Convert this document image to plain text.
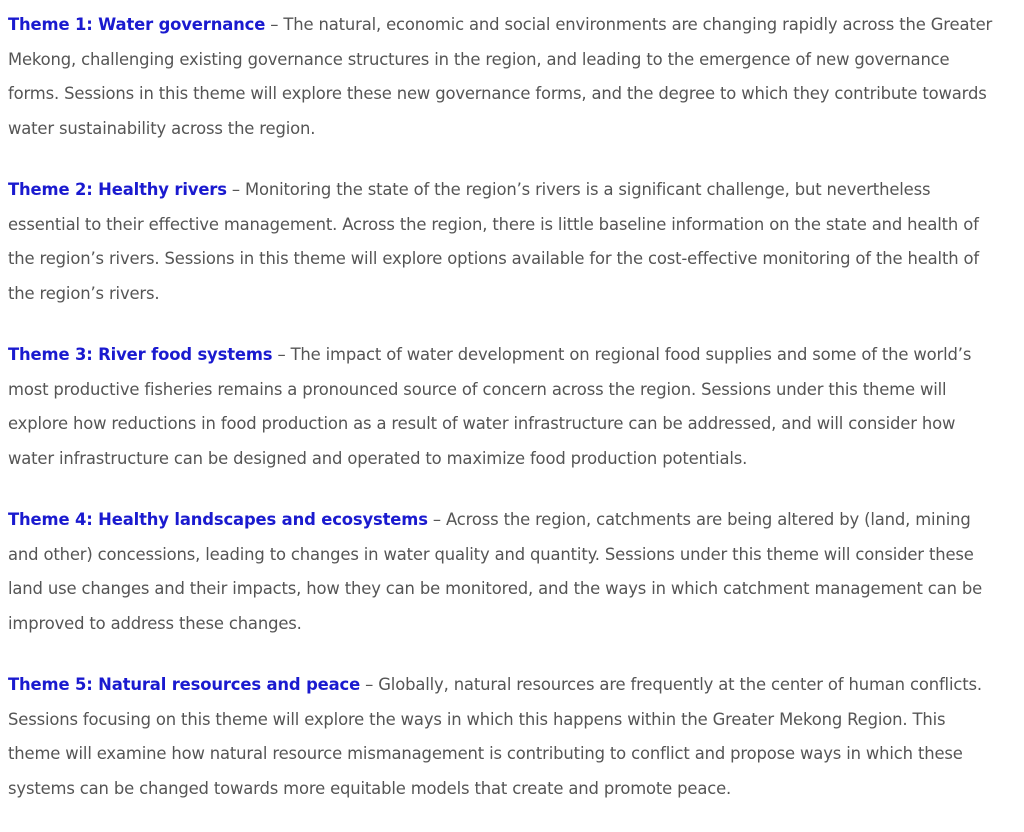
Theme 1: Water governance – The natural, economic and social environments are changing rapidly across the Greater Mekong, challenging existing governance structures in the region, and leading to the emergence of new governance forms. Sessions in this theme will explore these new governance forms, and the degree to which they contribute towards water sustainability across the region.

Theme 2: Healthy rivers – Monitoring the state of the region’s rivers is a significant challenge, but nevertheless essential to their effective management. Across the region, there is little baseline information on the state and health of the region’s rivers. Sessions in this theme will explore options available for the cost-effective monitoring of the health of the region’s rivers.

Theme 3: River food systems – The impact of water development on regional food supplies and some of the world’s most productive fisheries remains a pronounced source of concern across the region. Sessions under this theme will explore how reductions in food production as a result of water infrastructure can be addressed, and will consider how water infrastructure can be designed and operated to maximize food production potentials.

Theme 4: Healthy landscapes and ecosystems – Across the region, catchments are being altered by (land, mining and other) concessions, leading to changes in water quality and quantity. Sessions under this theme will consider these land use changes and their impacts, how they can be monitored, and the ways in which catchment management can be improved to address these changes.

Theme 5: Natural resources and peace – Globally, natural resources are frequently at the center of human conflicts. Sessions focusing on this theme will explore the ways in which this happens within the Greater Mekong Region. This theme will examine how natural resource mismanagement is contributing to conflict and propose ways in which these systems can be changed towards more equitable models that create and promote peace.
